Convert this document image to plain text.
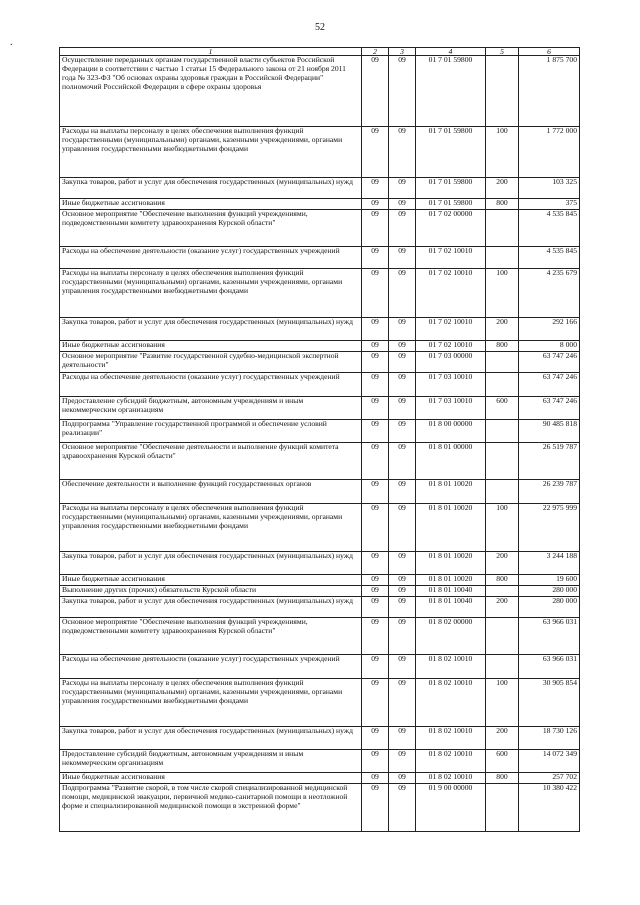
52
.
1	2	3	4	5	6
Осуществление переданных органам государственной власти субъектов Российской Федерации в соответствии с частью 1 статьи 15 Федерального закона от 21 ноября 2011 года № 323-ФЗ "Об основах охраны здоровья граждан в Российской Федерации" полномочий Российской Федерации в сфере охраны здоровья	09	09	01 7 01 59800		1 875 700
Расходы на выплаты персоналу в целях обеспечения выполнения функций государственными (муниципальными) органами, казенными учреждениями, органами управления государственными внебюджетными фондами	09	09	01 7 01 59800	100	1 772 000
Закупка товаров, работ и услуг для обеспечения государственных (муниципальных) нужд	09	09	01 7 01 59800	200	103 325
Иные бюджетные ассигнования	09	09	01 7 01 59800	800	375
Основное мероприятие "Обеспечение выполнения функций учреждениями, подведомственными комитету здравоохранения Курской области"	09	09	01 7 02 00000		4 535 845
Расходы на обеспечение деятельности (оказание услуг) государственных учреждений	09	09	01 7 02 10010		4 535 845
Расходы на выплаты персоналу в целях обеспечения выполнения функций государственными (муниципальными) органами, казенными учреждениями, органами управления государственными внебюджетными фондами	09	09	01 7 02 10010	100	4 235 679
Закупка товаров, работ и услуг для обеспечения государственных (муниципальных) нужд	09	09	01 7 02 10010	200	292 166
Иные бюджетные ассигнования	09	09	01 7 02 10010	800	8 000
Основное мероприятие "Развитие государственной судебно-медицинской экспертной деятельности"	09	09	01 7 03 00000		63 747 246
Расходы на обеспечение деятельности (оказание услуг) государственных учреждений	09	09	01 7 03 10010		63 747 246
Предоставление субсидий бюджетным, автономным учреждениям и иным некоммерческим организациям	09	09	01 7 03 10010	600	63 747 246
Подпрограмма "Управление государственной программой и обеспечение условий реализации"	09	09	01 8 00 00000		90 485 818
Основное мероприятие "Обеспечение деятельности и выполнение функций комитета здравоохранения Курской области"	09	09	01 8 01 00000		26 519 787
Обеспечение деятельности и выполнение функций государственных органов	09	09	01 8 01 10020		26 239 787
Расходы на выплаты персоналу в целях обеспечения выполнения функций государственными (муниципальными) органами, казенными учреждениями, органами управления государственными внебюджетными фондами	09	09	01 8 01 10020	100	22 975 999
Закупка товаров, работ и услуг для обеспечения государственных (муниципальных) нужд	09	09	01 8 01 10020	200	3 244 188
Иные бюджетные ассигнования	09	09	01 8 01 10020	800	19 600
Выполнение других (прочих) обязательств Курской области	09	09	01 8 01 10040		280 000
Закупка товаров, работ и услуг для обеспечения государственных (муниципальных) нужд	09	09	01 8 01 10040	200	280 000
Основное мероприятие "Обеспечение выполнения функций учреждениями, подведомственными комитету здравоохранения Курской области"	09	09	01 8 02 00000		63 966 031
Расходы на обеспечение деятельности (оказание услуг) государственных учреждений	09	09	01 8 02 10010		63 966 031
Расходы на выплаты персоналу в целях обеспечения выполнения функций государственными (муниципальными) органами, казенными учреждениями, органами управления государственными внебюджетными фондами	09	09	01 8 02 10010	100	30 905 854
Закупка товаров, работ и услуг для обеспечения государственных (муниципальных) нужд	09	09	01 8 02 10010	200	18 730 126
Предоставление субсидий бюджетным, автономным учреждениям и иным некоммерческим организациям	09	09	01 8 02 10010	600	14 072 349
Иные бюджетные ассигнования	09	09	01 8 02 10010	800	257 702
Подпрограмма "Развитие скорой, в том числе скорой специализированной медицинской помощи, медицинской эвакуации, первичной медико-санитарной помощи в неотложной форме и специализированной медицинской помощи в экстренной форме"	09	09	01 9 00 00000		10 380 422
